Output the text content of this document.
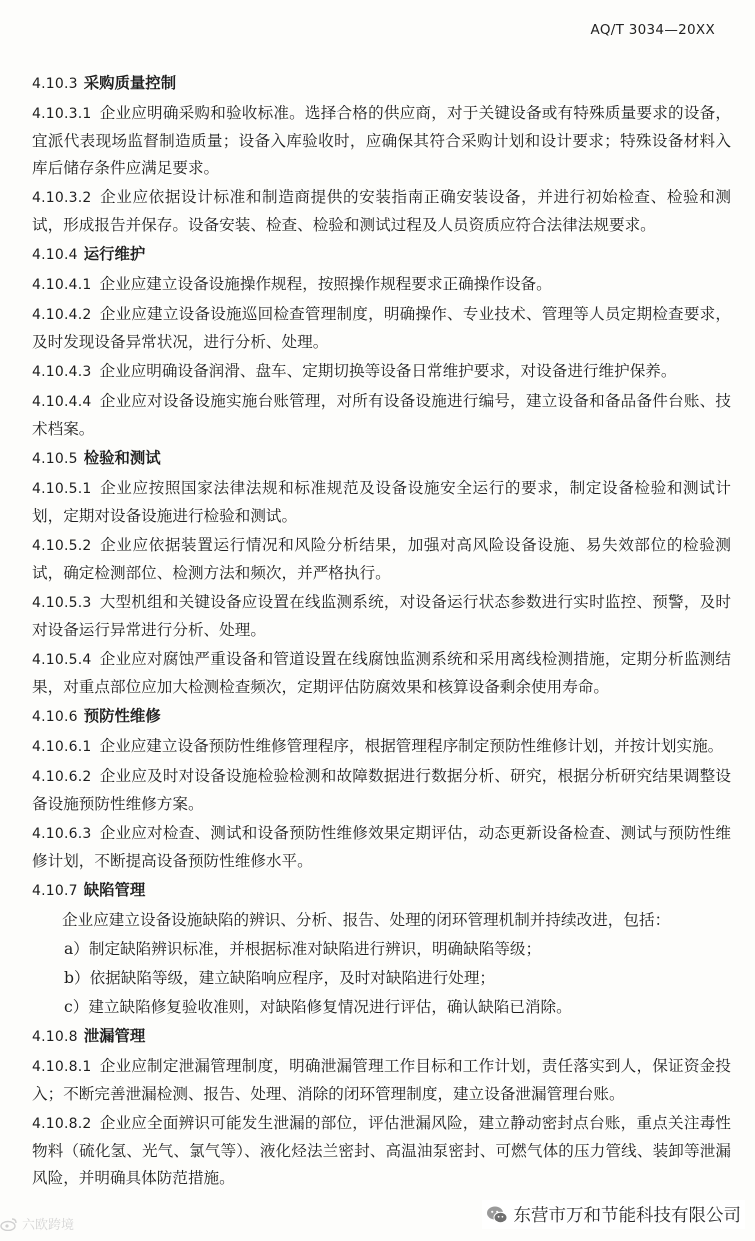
AQ/T 3034—20XX
4.10.3 采购质量控制
4.10.3.1 企业应明确采购和验收标准。选择合格的供应商，对于关键设备或有特殊质量要求的设备，宜派代表现场监督制造质量；设备入库验收时，应确保其符合采购计划和设计要求；特殊设备材料入库后储存条件应满足要求。
4.10.3.2 企业应依据设计标准和制造商提供的安装指南正确安装设备，并进行初始检查、检验和测试，形成报告并保存。设备安装、检查、检验和测试过程及人员资质应符合法律法规要求。
4.10.4 运行维护
4.10.4.1 企业应建立设备设施操作规程，按照操作规程要求正确操作设备。
4.10.4.2 企业应建立设备设施巡回检查管理制度，明确操作、专业技术、管理等人员定期检查要求，及时发现设备异常状况，进行分析、处理。
4.10.4.3 企业应明确设备润滑、盘车、定期切换等设备日常维护要求，对设备进行维护保养。
4.10.4.4 企业应对设备设施实施台账管理，对所有设备设施进行编号，建立设备和备品备件台账、技术档案。
4.10.5 检验和测试
4.10.5.1 企业应按照国家法律法规和标准规范及设备设施安全运行的要求，制定设备检验和测试计划，定期对设备设施进行检验和测试。
4.10.5.2 企业应依据装置运行情况和风险分析结果，加强对高风险设备设施、易失效部位的检验测试，确定检测部位、检测方法和频次，并严格执行。
4.10.5.3 大型机组和关键设备应设置在线监测系统，对设备运行状态参数进行实时监控、预警，及时对设备运行异常进行分析、处理。
4.10.5.4 企业应对腐蚀严重设备和管道设置在线腐蚀监测系统和采用离线检测措施，定期分析监测结果，对重点部位应加大检测检查频次，定期评估防腐效果和核算设备剩余使用寿命。
4.10.6 预防性维修
4.10.6.1 企业应建立设备预防性维修管理程序，根据管理程序制定预防性维修计划，并按计划实施。
4.10.6.2 企业应及时对设备设施检验检测和故障数据进行数据分析、研究，根据分析研究结果调整设备设施预防性维修方案。
4.10.6.3 企业应对检查、测试和设备预防性维修效果定期评估，动态更新设备检查、测试与预防性维修计划，不断提高设备预防性维修水平。
4.10.7 缺陷管理
企业应建立设备设施缺陷的辨识、分析、报告、处理的闭环管理机制并持续改进，包括：
a）制定缺陷辨识标准，并根据标准对缺陷进行辨识，明确缺陷等级；
b）依据缺陷等级，建立缺陷响应程序，及时对缺陷进行处理；
c）建立缺陷修复验收准则，对缺陷修复情况进行评估，确认缺陷已消除。
4.10.8 泄漏管理
4.10.8.1 企业应制定泄漏管理制度，明确泄漏管理工作目标和工作计划，责任落实到人，保证资金投入；不断完善泄漏检测、报告、处理、消除的闭环管理制度，建立设备泄漏管理台账。
4.10.8.2 企业应全面辨识可能发生泄漏的部位，评估泄漏风险，建立静动密封点台账，重点关注毒性物料（硫化氢、光气、氯气等）、液化烃法兰密封、高温油泵密封、可燃气体的压力管线、装卸等泄漏风险，并明确具体防范措施。
六欧跨境	东营市万和节能科技有限公司
